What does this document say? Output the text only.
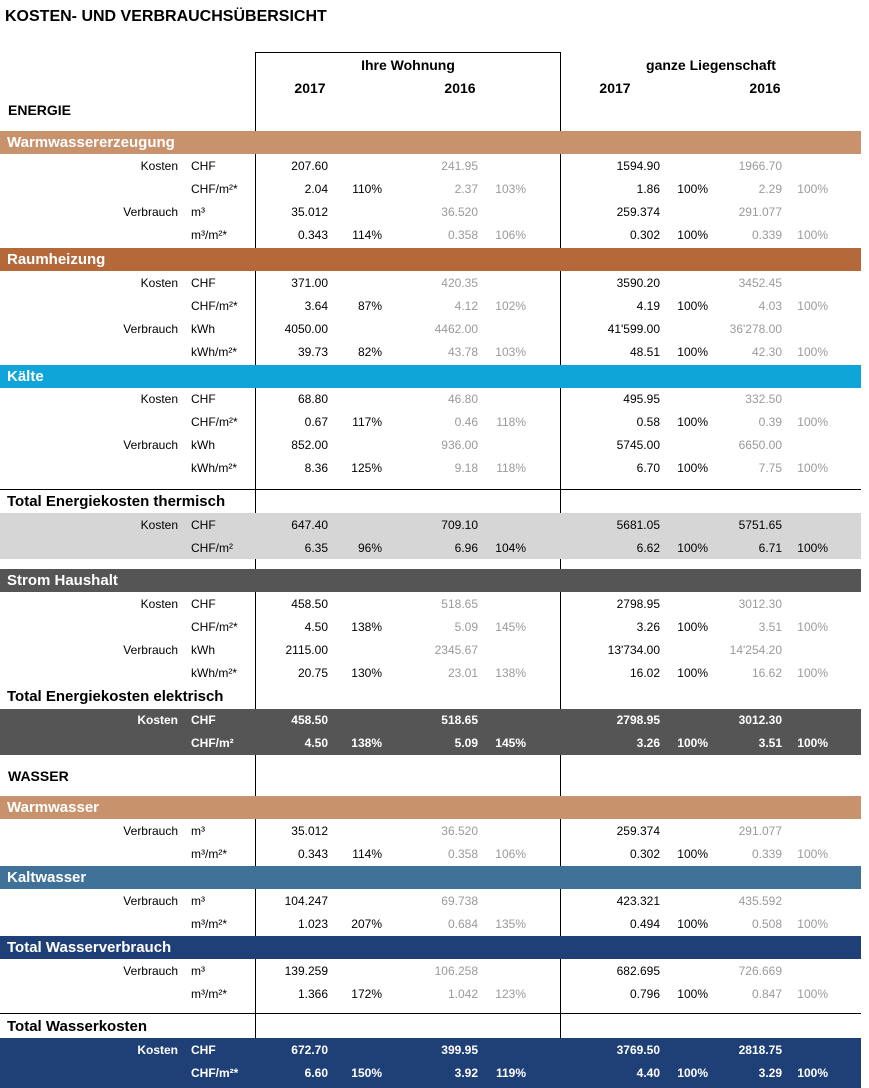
KOSTEN- UND VERBRAUCHSÜBERSICHT
Ihre Wohnung	ganze Liegenschaft
2017	2016	2017	2016
ENERGIE
WASSER
Warmwassererzeugung
Kosten CHF	207.60	241.95	1594.90	1966.70
CHF/m²*	2.04	110%	2.37	103%	1.86	100%	2.29	100%
Verbrauch m³	35.012	36.520	259.374	291.077
m³/m²*	0.343	114%	0.358	106%	0.302	100%	0.339	100%
Raumheizung
Kosten CHF	371.00	420.35	3590.20	3452.45
CHF/m²*	3.64	87%	4.12	102%	4.19	100%	4.03	100%
Verbrauch kWh	4050.00	4462.00	41'599.00	36'278.00
kWh/m²*	39.73	82%	43.78	103%	48.51	100%	42.30	100%
Kälte
Kosten CHF	68.80	46.80	495.95	332.50
CHF/m²*	0.67	117%	0.46	118%	0.58	100%	0.39	100%
Verbrauch kWh	852.00	936.00	5745.00	6650.00
kWh/m²*	8.36	125%	9.18	118%	6.70	100%	7.75	100%
Total Energiekosten thermisch
Kosten CHF	647.40	709.10	5681.05	5751.65
CHF/m²	6.35	96%	6.96	104%	6.62	100%	6.71	100%
Strom Haushalt
Kosten CHF	458.50	518.65	2798.95	3012.30
CHF/m²*	4.50	138%	5.09	145%	3.26	100%	3.51	100%
Verbrauch kWh	2115.00	2345.67	13'734.00	14'254.20
kWh/m²*	20.75	130%	23.01	138%	16.02	100%	16.62	100%
Total Energiekosten elektrisch
Kosten CHF	458.50	518.65	2798.95	3012.30
CHF/m²	4.50	138%	5.09	145%	3.26	100%	3.51	100%
Warmwasser
Verbrauch m³	35.012	36.520	259.374	291.077
m³/m²*	0.343	114%	0.358	106%	0.302	100%	0.339	100%
Kaltwasser
Verbrauch m³	104.247	69.738	423.321	435.592
m³/m²*	1.023	207%	0.684	135%	0.494	100%	0.508	100%
Total Wasserverbrauch
Verbrauch m³	139.259	106.258	682.695	726.669
m³/m²*	1.366	172%	1.042	123%	0.796	100%	0.847	100%
Total Wasserkosten
Kosten CHF	672.70	399.95	3769.50	2818.75
CHF/m²*	6.60	150%	3.92	119%	4.40	100%	3.29	100%
